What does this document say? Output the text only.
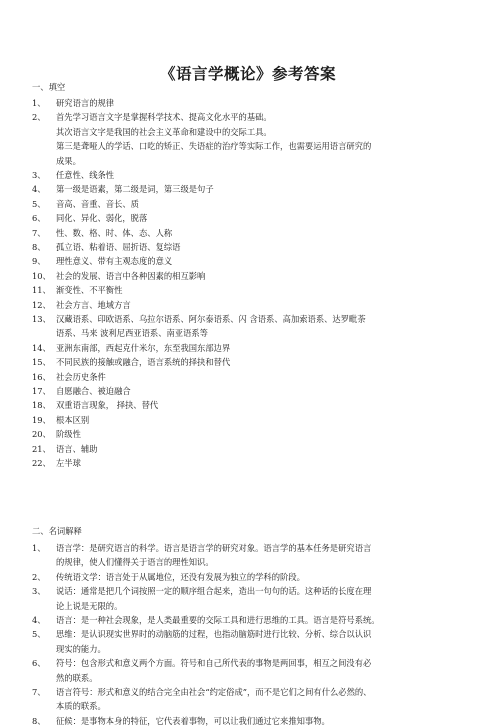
《语言学概论》参考答案
一、填空
1、 研究语言的规律
2、 首先学习语言文字是掌握科学技术、提高文化水平的基础。
其次语言文字是我国的社会主义革命和建设中的交际工具。
第三是聋哑人的学话、口吃的矫正、失语症的治疗等实际工作，也需要运用语言研究的
成果。
3、 任意性、线条性
4、 第一级是语素，第二级是词，第三级是句子
5、 音高、音重、音长、质
6、 同化、异化、弱化，脱落
7、 性、数、格、时、体、态、人称
8、 孤立语、粘着语、屈折语、复综语
9、 理性意义、带有主观态度的意义
10、 社会的发展、语言中各种因素的相互影响
11、 渐变性、不平衡性
12、 社会方言、地域方言
13、 汉藏语系、印欧语系、乌拉尔语系、阿尔泰语系、闪 含语系、高加索语系、达罗毗荼
语系、马来 波利尼西亚语系、南亚语系等
14、 亚洲东南部，西起克什米尔，东至我国东部边界
15、 不同民族的接触或融合，语言系统的择抉和替代
16、 社会历史条件
17、 自愿融合、被迫融合
18、 双重语言现象， 择抉、替代
19、 根本区别
20、 阶级性
21、 语言、辅助
22、 左半球
二、名词解释
1、 语言学：是研究语言的科学。语言是语言学的研究对象。语言学的基本任务是研究语言
的规律，使人们懂得关于语言的理性知识。
2、 传统语文学：语言处于从属地位，还没有发展为独立的学科的阶段。
3、 说话：通常是把几个词按照一定的顺序组合起来，造出一句句的话。这种话的长度在理
论上说是无限的。
4、 语言：是一种社会现象，是人类最重要的交际工具和进行思维的工具。语言是符号系统。
5、 思维：是认识现实世界时的动脑筋的过程，也指动脑筋时进行比较、分析、综合以认识
现实的能力。
6、 符号：包含形式和意义两个方面。符号和自己所代表的事物是两回事，相互之间没有必
然的联系。
7、 语言符号：形式和意义的结合完全由社会“约定俗成”，而不是它们之间有什么必然的、
本质的联系。
8、 征候：是事物本身的特征，它代表着事物，可以让我们通过它来推知事物。
